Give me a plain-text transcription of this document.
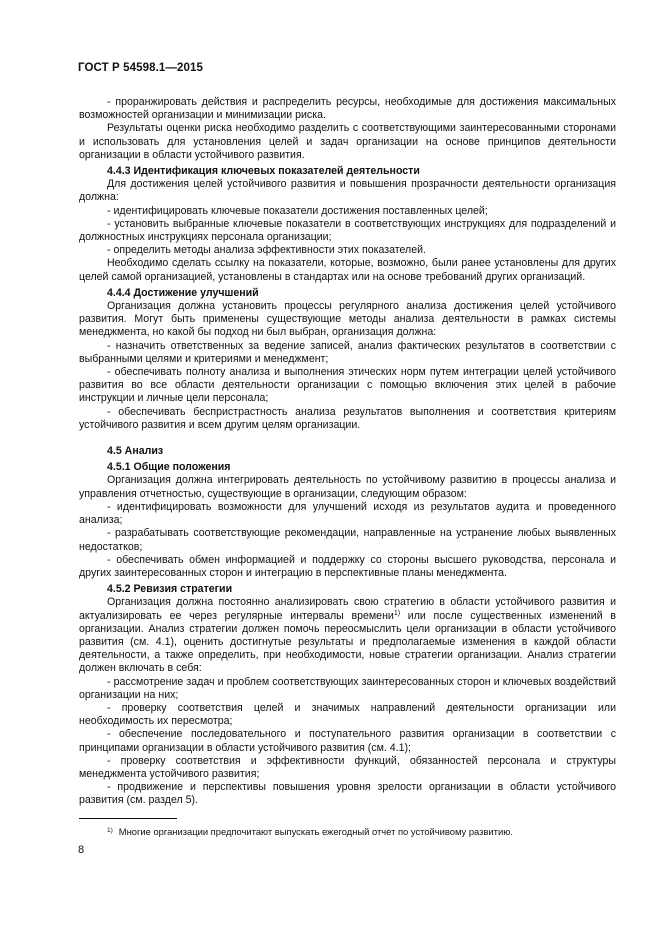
ГОСТ Р 54598.1—2015

- проранжировать действия и распределить ресурсы, необходимые для достижения максимальных возможностей организации и минимизации риска.

Результаты оценки риска необходимо разделить с соответствующими заинтересованными сторонами и использовать для установления целей и задач организации на основе принципов деятельности организации в области устойчивого развития.

4.4.3 Идентификация ключевых показателей деятельности

Для достижения целей устойчивого развития и повышения прозрачности деятельности организация должна:

- идентифицировать ключевые показатели достижения поставленных целей;

- установить выбранные ключевые показатели в соответствующих инструкциях для подразделений и должностных инструкциях персонала организации;

- определить методы анализа эффективности этих показателей.

Необходимо сделать ссылку на показатели, которые, возможно, были ранее установлены для других целей самой организацией, установлены в стандартах или на основе требований других организаций.

4.4.4 Достижение улучшений

Организация должна установить процессы регулярного анализа достижения целей устойчивого развития. Могут быть применены существующие методы анализа деятельности в рамках системы менеджмента, но какой бы подход ни был выбран, организация должна:

- назначить ответственных за ведение записей, анализ фактических результатов в соответствии с выбранными целями и критериями и менеджмент;

- обеспечивать полноту анализа и выполнения этических норм путем интеграции целей устойчивого развития во все области деятельности организации с помощью включения этих целей в рабочие инструкции и личные цели персонала;

- обеспечивать беспристрастность анализа результатов выполнения и соответствия критериям устойчивого развития и всем другим целям организации.

4.5 Анализ

4.5.1 Общие положения

Организация должна интегрировать деятельность по устойчивому развитию в процессы анализа и управления отчетностью, существующие в организации, следующим образом:

- идентифицировать возможности для улучшений исходя из результатов аудита и проведенного анализа;

- разрабатывать соответствующие рекомендации, направленные на устранение любых выявленных недостатков;

- обеспечивать обмен информацией и поддержку со стороны высшего руководства, персонала и других заинтересованных сторон и интеграцию в перспективные планы менеджмента.

4.5.2 Ревизия стратегии

Организация должна постоянно анализировать свою стратегию в области устойчивого развития и актуализировать ее через регулярные интервалы времени$^{1)}$ или после существенных изменений в организации. Анализ стратегии должен помочь переосмыслить цели организации в области устойчивого развития (см. 4.1), оценить достигнутые результаты и предполагаемые изменения в каждой области деятельности, а также определить, при необходимости, новые стратегии организации. Анализ стратегии должен включать в себя:

- рассмотрение задач и проблем соответствующих заинтересованных сторон и ключевых воздействий организации на них;

- проверку соответствия целей и значимых направлений деятельности организации или необходимость их пересмотра;

- обеспечение последовательного и поступательного развития организации в соответствии с принципами организации в области устойчивого развития (см. 4.1);

- проверку соответствия и эффективности функций, обязанностей персонала и структуры менеджмента устойчивого развития;

- продвижение и перспективы повышения уровня зрелости организации в области устойчивого развития (см. раздел 5).

$^{1)}$ Многие организации предпочитают выпускать ежегодный отчет по устойчивому развитию.
8
